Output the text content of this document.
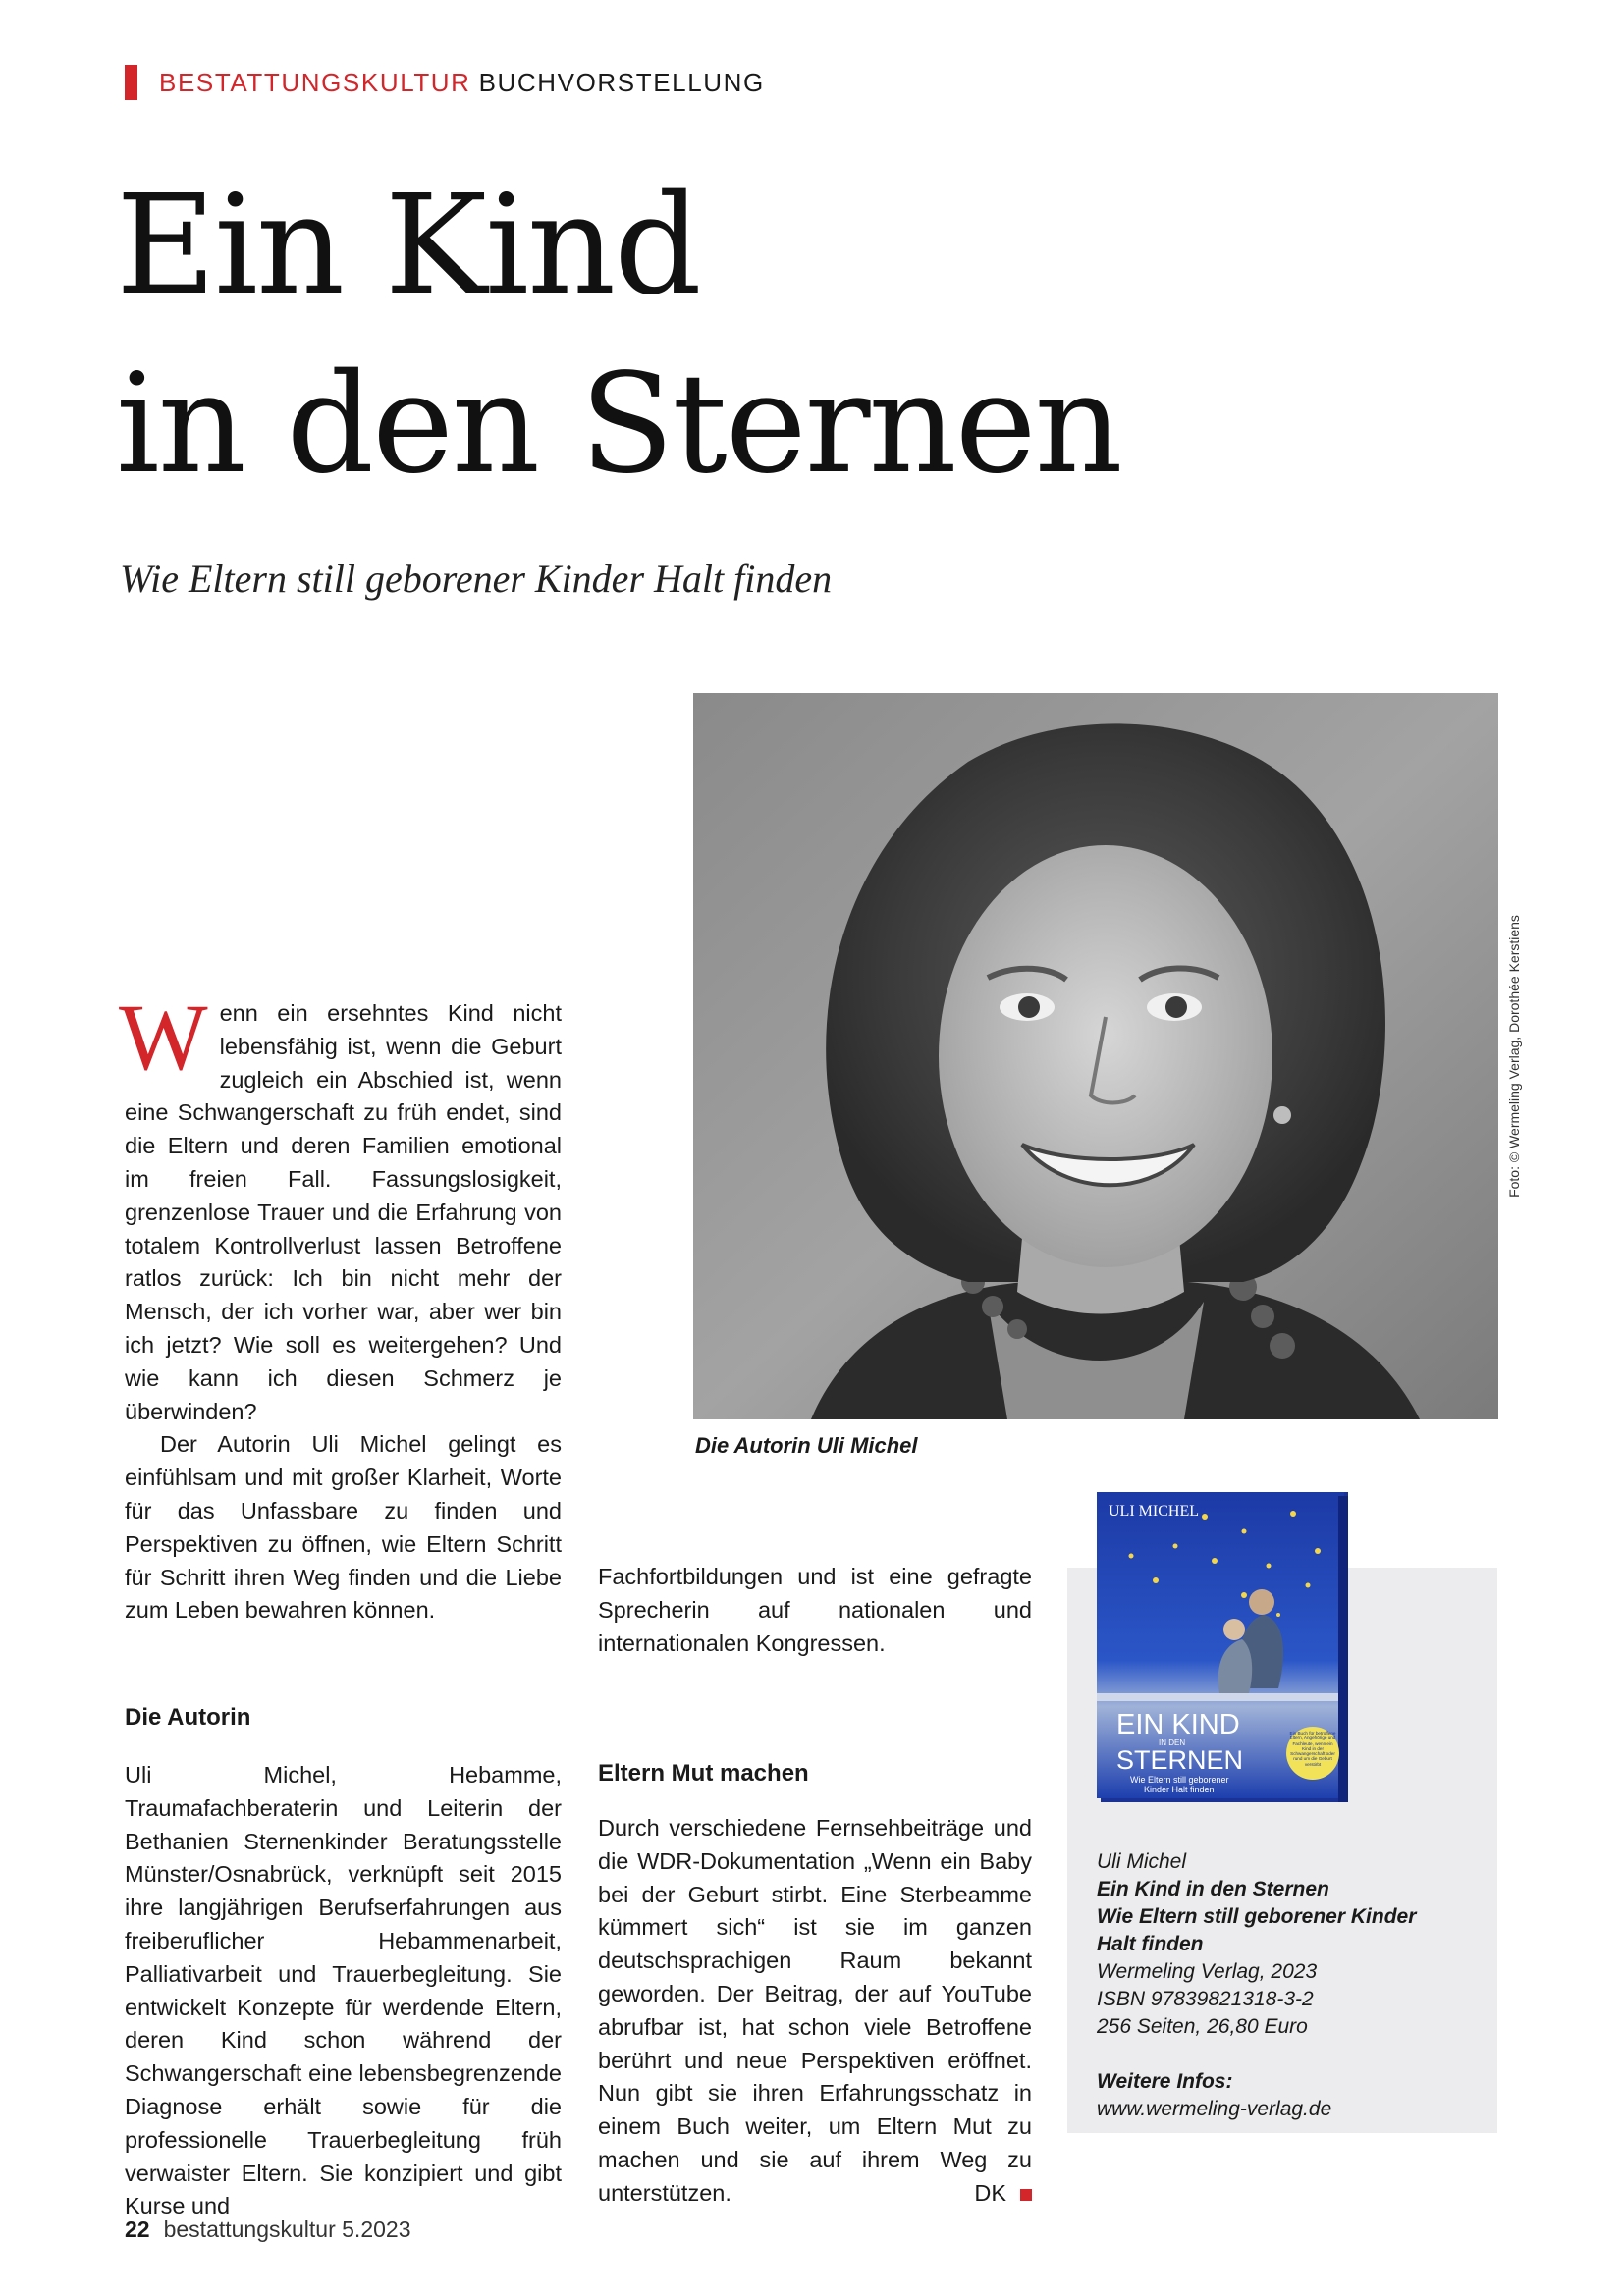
BESTATTUNGSKULTUR BUCHVORSTELLUNG
Ein Kind
in den Sternen
Wie Eltern still geborener Kinder Halt finden

W enn ein ersehntes Kind nicht lebensfähig ist, wenn die Geburt zugleich ein Abschied ist, wenn eine Schwangerschaft zu früh endet, sind die Eltern und deren Familien emotional im freien Fall. Fassungslosigkeit, grenzenlose Trauer und die Erfahrung von totalem Kontrollverlust lassen Betroffene ratlos zurück: Ich bin nicht mehr der Mensch, der ich vorher war, aber wer bin ich jetzt? Wie soll es weitergehen? Und wie kann ich diesen Schmerz je überwinden?

Der Autorin Uli Michel gelingt es einfühlsam und mit großer Klarheit, Worte für das Unfassbare zu finden und Perspektiven zu öffnen, wie Eltern Schritt für Schritt ihren Weg finden und die Liebe zum Leben bewahren können.

Die Autorin

Uli Michel, Hebamme, Traumafachberaterin und Leiterin der Bethanien Sternenkinder Beratungsstelle Münster/Osnabrück, verknüpft seit 2015 ihre langjährigen Berufserfahrungen aus freiberuflicher Hebammenarbeit, Palliativarbeit und Trauerbegleitung. Sie entwickelt Konzepte für werdende Eltern, deren Kind schon während der Schwangerschaft eine lebensbegrenzende Diagnose erhält sowie für die professionelle Trauerbegleitung früh verwaister Eltern. Sie konzipiert und gibt Kurse und

Fachfortbildungen und ist eine gefragte Sprecherin auf nationalen und internationalen Kongressen.

Eltern Mut machen

Durch verschiedene Fernsehbeiträge und die WDR-Dokumentation „Wenn ein Baby bei der Geburt stirbt. Eine Sterbeamme kümmert sich“ ist sie im ganzen deutschsprachigen Raum bekannt geworden. Der Beitrag, der auf YouTube abrufbar ist, hat schon viele Betroffene berührt und neue Perspektiven eröffnet. Nun gibt sie ihren Erfahrungsschatz in einem Buch weiter, um Eltern Mut zu machen und sie auf ihrem Weg zu unterstützen.	DK

Foto: © Wermeling Verlag, Dorothée Kerstiens
Die Autorin Uli Michel
ULI MICHEL
EIN KIND
IN DEN
STERNEN
Wie Eltern still geborener
Kinder Halt finden
Ein Buch für betroffene Eltern, Angehörige und Fachleute, wenn ein Kind in der Schwangerschaft oder rund um die Geburt verstirbt
Uli Michel
Ein Kind in den Sternen
Wie Eltern still geborener Kinder
Halt finden
Wermeling Verlag, 2023
ISBN 97839821318-3-2
256 Seiten, 26,80 Euro
Weitere Infos:
www.wermeling-verlag.de
22 bestattungskultur 5.2023
